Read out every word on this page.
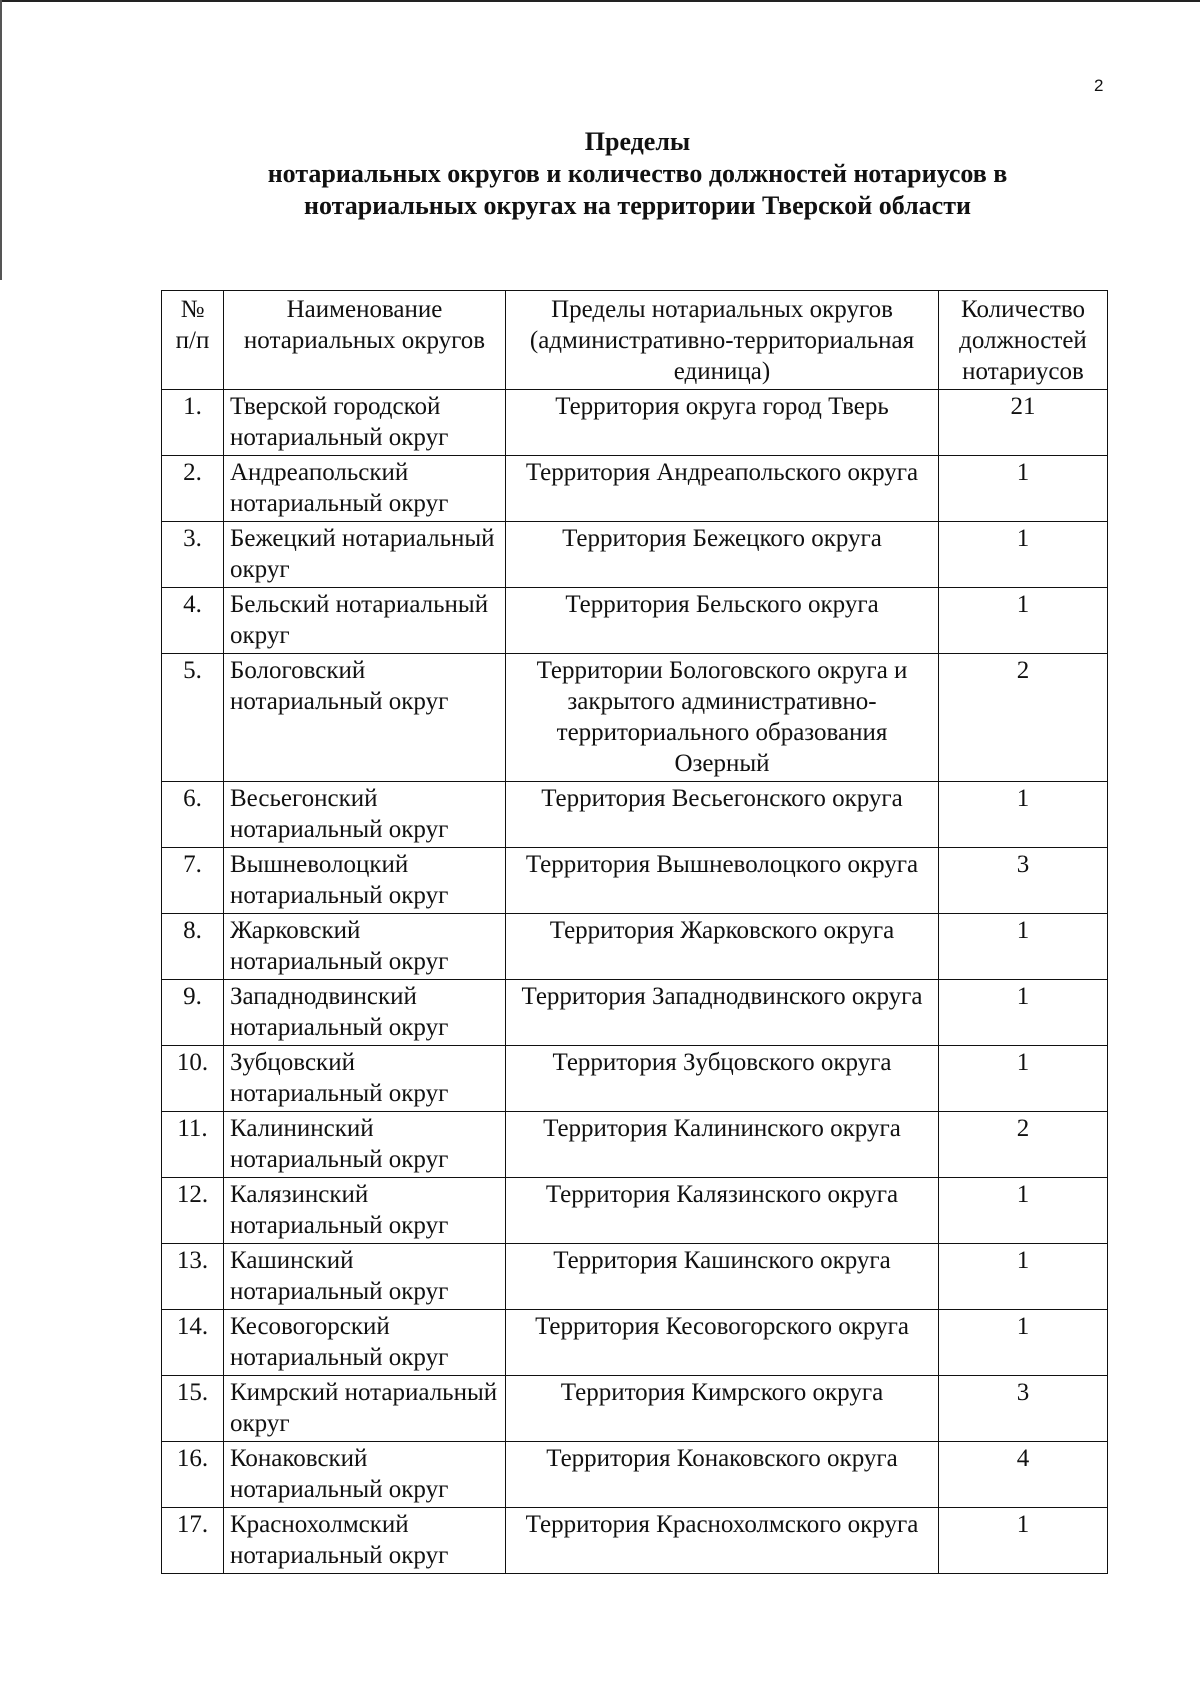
2
Пределы
нотариальных округов и количество должностей нотариусов в
нотариальных округах на территории Тверской области
№ п/п	Наименование нотариальных округов	Пределы нотариальных округов (административно-территориальная единица)	Количество должностей нотариусов
1.	Тверской городской нотариальный округ	Территория округа город Тверь	21
2.	Андреапольский нотариальный округ	Территория Андреапольского округа	1
3.	Бежецкий нотариальный округ	Территория Бежецкого округа	1
4.	Бельский нотариальный округ	Территория Бельского округа	1
5.	Бологовский нотариальный округ	Территории Бологовского округа и закрытого административно-территориального образования Озерный	2
6.	Весьегонский нотариальный округ	Территория Весьегонского округа	1
7.	Вышневолоцкий нотариальный округ	Территория Вышневолоцкого округа	3
8.	Жарковский нотариальный округ	Территория Жарковского округа	1
9.	Западнодвинский нотариальный округ	Территория Западнодвинского округа	1
10.	Зубцовский нотариальный округ	Территория Зубцовского округа	1
11.	Калининский нотариальный округ	Территория Калининского округа	2
12.	Калязинский нотариальный округ	Территория Калязинского округа	1
13.	Кашинский нотариальный округ	Территория Кашинского округа	1
14.	Кесовогорский нотариальный округ	Территория Кесовогорского округа	1
15.	Кимрский нотариальный округ	Территория Кимрского округа	3
16.	Конаковский нотариальный округ	Территория Конаковского округа	4
17.	Краснохолмский нотариальный округ	Территория Краснохолмского округа	1
